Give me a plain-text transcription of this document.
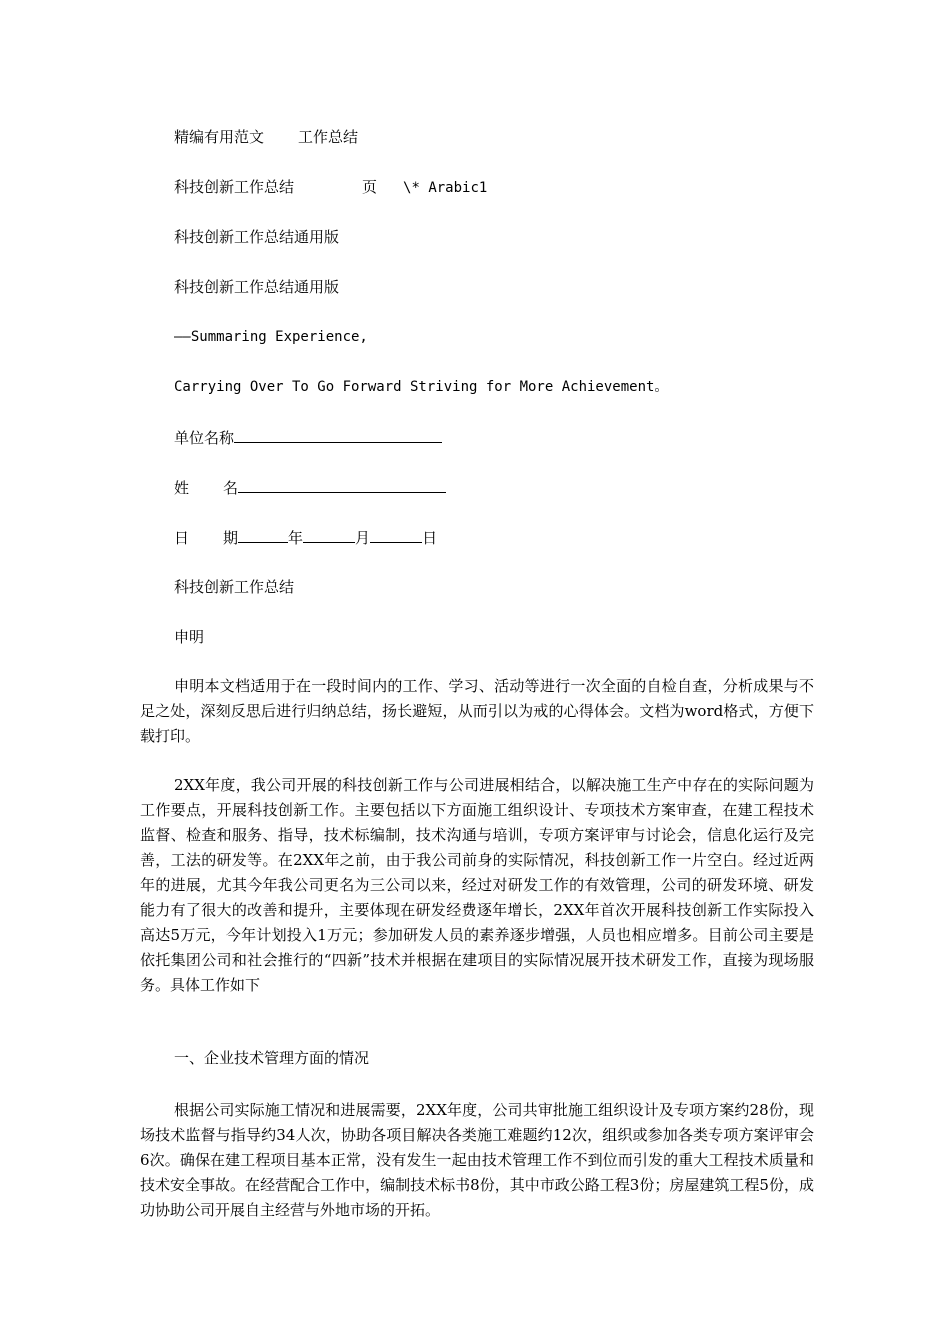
精编有用范文 工作总结
科技创新工作总结	页 \* Arabic1
科技创新工作总结通用版
科技创新工作总结通用版
——Summaring Experience,
Carrying Over To Go Forward Striving for More Achievement。
单位名称
姓 名
日 期	年	月	日
科技创新工作总结
申明
申明本文档适用于在一段时间内的工作、学习、活动等进行一次全面的自检自查，分析成果与不足之处，深刻反思后进行归纳总结，扬长避短，从而引以为戒的心得体会。文档为word格式，方便下载打印。
2XX年度，我公司开展的科技创新工作与公司进展相结合，以解决施工生产中存在的实际问题为工作要点，开展科技创新工作。主要包括以下方面施工组织设计、专项技术方案审查，在建工程技术监督、检查和服务、指导，技术标编制，技术沟通与培训，专项方案评审与讨论会，信息化运行及完善，工法的研发等。在2XX年之前，由于我公司前身的实际情况，科技创新工作一片空白。经过近两年的进展，尤其今年我公司更名为三公司以来，经过对研发工作的有效管理，公司的研发环境、研发能力有了很大的改善和提升，主要体现在研发经费逐年增长，2XX年首次开展科技创新工作实际投入高达5万元，今年计划投入1万元；参加研发人员的素养逐步增强，人员也相应增多。目前公司主要是依托集团公司和社会推行的“四新”技术并根据在建项目的实际情况展开技术研发工作，直接为现场服务。具体工作如下
一、企业技术管理方面的情况
根据公司实际施工情况和进展需要，2XX年度，公司共审批施工组织设计及专项方案约28份，现场技术监督与指导约34人次，协助各项目解决各类施工难题约12次，组织或参加各类专项方案评审会6次。确保在建工程项目基本正常，没有发生一起由技术管理工作不到位而引发的重大工程技术质量和技术安全事故。在经营配合工作中，编制技术标书8份，其中市政公路工程3份；房屋建筑工程5份，成功协助公司开展自主经营与外地市场的开拓。
